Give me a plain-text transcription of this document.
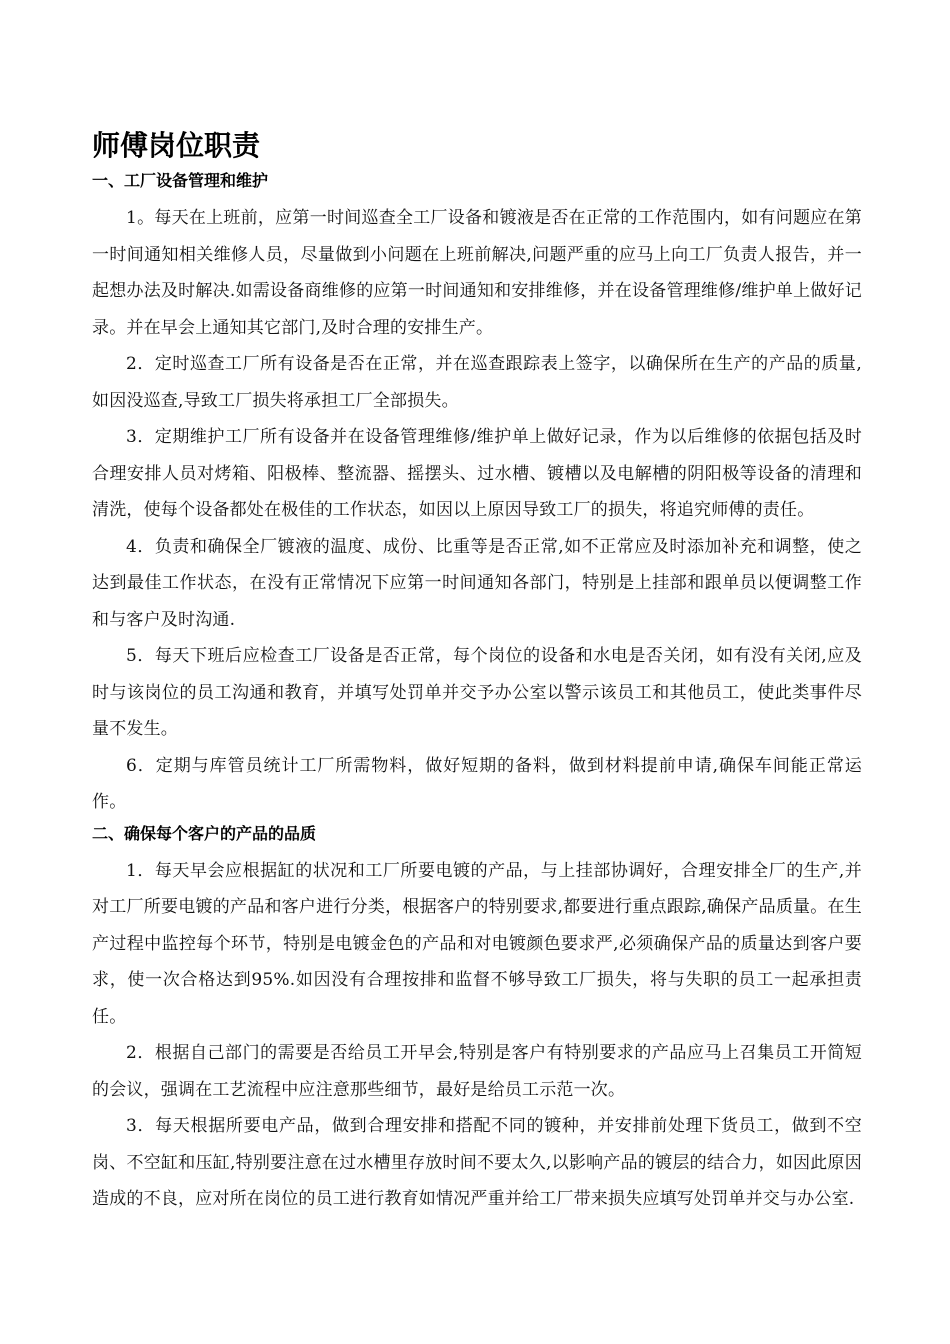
师傅岗位职责
一、工厂设备管理和维护

1。每天在上班前，应第一时间巡查全工厂设备和镀液是否在正常的工作范围内，如有问题应在第一时间通知相关维修人员，尽量做到小问题在上班前解决,问题严重的应马上向工厂负责人报告，并一起想办法及时解决.如需设备商维修的应第一时间通知和安排维修，并在设备管理维修/维护单上做好记录。并在早会上通知其它部门,及时合理的安排生产。

2．定时巡查工厂所有设备是否在正常，并在巡查跟踪表上签字，以确保所在生产的产品的质量,如因没巡查,导致工厂损失将承担工厂全部损失。

3．定期维护工厂所有设备并在设备管理维修/维护单上做好记录，作为以后维修的依据包括及时合理安排人员对烤箱、阳极棒、整流器、摇摆头、过水槽、镀槽以及电解槽的阴阳极等设备的清理和清洗，使每个设备都处在极佳的工作状态，如因以上原因导致工厂的损失，将追究师傅的责任。

4．负责和确保全厂镀液的温度、成份、比重等是否正常,如不正常应及时添加补充和调整，使之达到最佳工作状态，在没有正常情况下应第一时间通知各部门，特别是上挂部和跟单员以便调整工作和与客户及时沟通.

5．每天下班后应检查工厂设备是否正常，每个岗位的设备和水电是否关闭，如有没有关闭,应及时与该岗位的员工沟通和教育，并填写处罚单并交予办公室以警示该员工和其他员工，使此类事件尽量不发生。

6．定期与库管员统计工厂所需物料，做好短期的备料，做到材料提前申请,确保车间能正常运作。

二、确保每个客户的产品的品质

1．每天早会应根据缸的状况和工厂所要电镀的产品，与上挂部协调好，合理安排全厂的生产,并对工厂所要电镀的产品和客户进行分类，根据客户的特别要求,都要进行重点跟踪,确保产品质量。在生产过程中监控每个环节，特别是电镀金色的产品和对电镀颜色要求严,必须确保产品的质量达到客户要求，使一次合格达到95%.如因没有合理按排和监督不够导致工厂损失，将与失职的员工一起承担责任。

2．根据自己部门的需要是否给员工开早会,特别是客户有特别要求的产品应马上召集员工开简短的会议，强调在工艺流程中应注意那些细节，最好是给员工示范一次。

3．每天根据所要电产品，做到合理安排和搭配不同的镀种，并安排前处理下货员工，做到不空岗、不空缸和压缸,特别要注意在过水槽里存放时间不要太久,以影响产品的镀层的结合力，如因此原因造成的不良，应对所在岗位的员工进行教育如情况严重并给工厂带来损失应填写处罚单并交与办公室.
